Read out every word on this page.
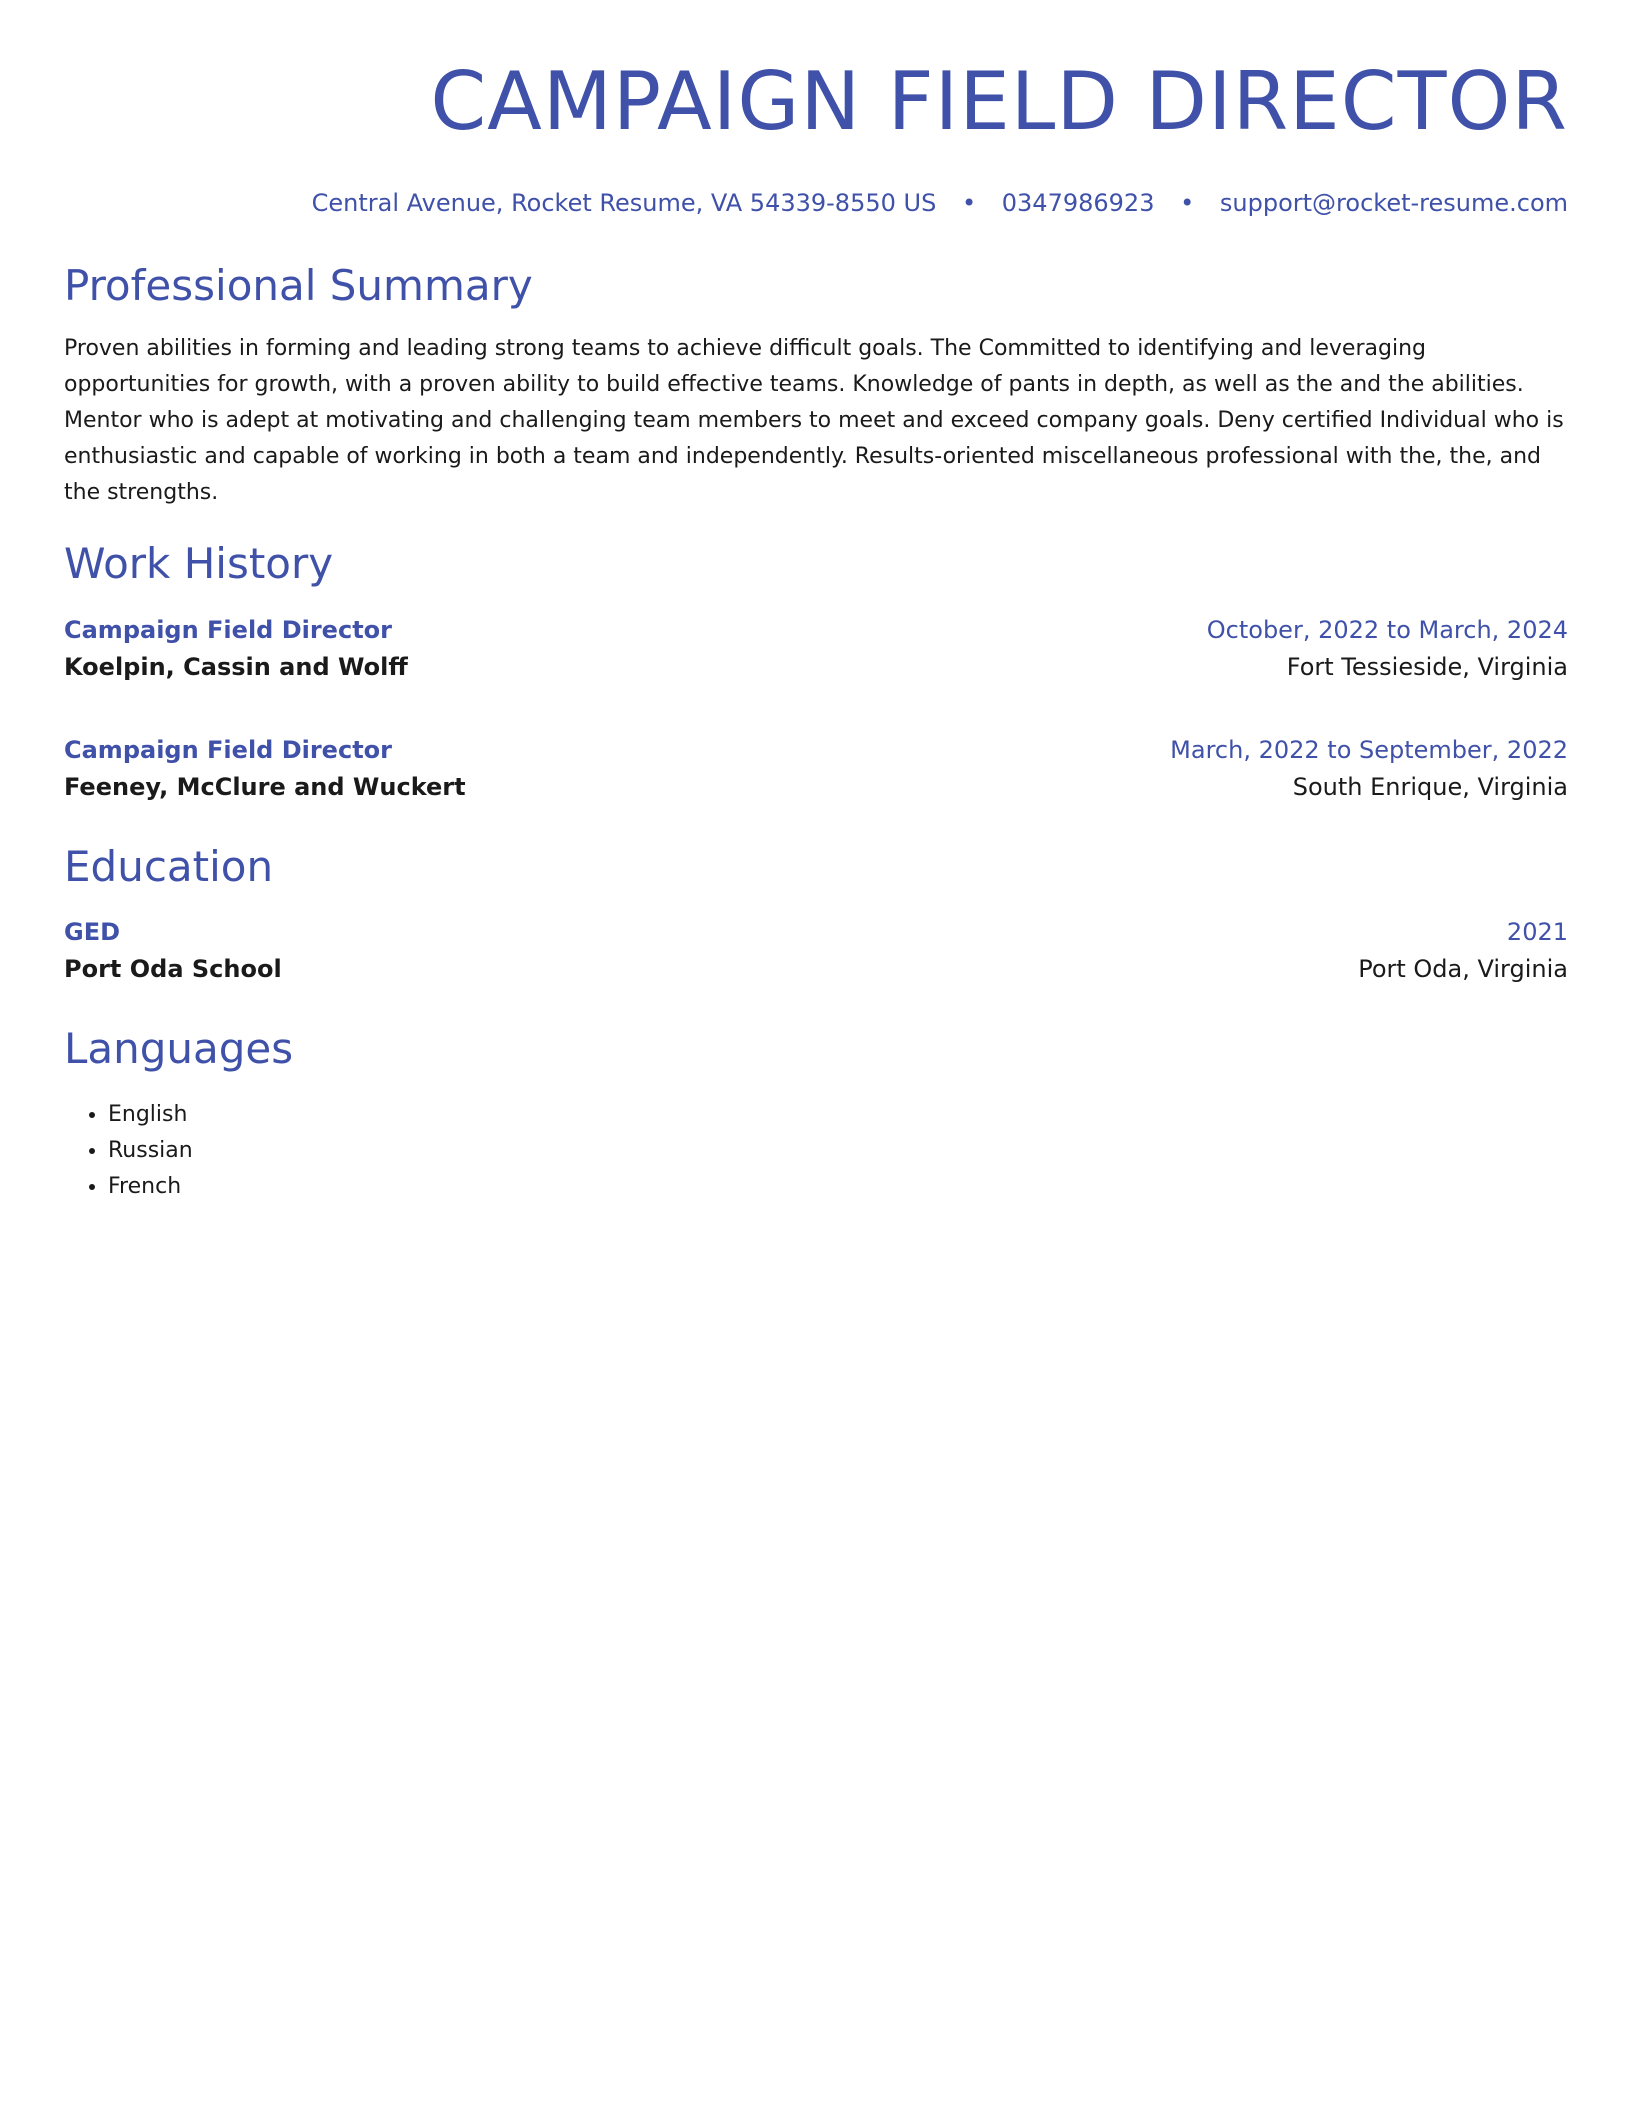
CAMPAIGN FIELD DIRECTOR
Central Avenue, Rocket Resume, VA 54339-8550 US • 0347986923 • support@rocket-resume.com
Professional Summary

Proven abilities in forming and leading strong teams to achieve difficult goals. The Committed to identifying and leveraging opportunities for growth, with a proven ability to build effective teams. Knowledge of pants in depth, as well as the and the abilities. Mentor who is adept at motivating and challenging team members to meet and exceed company goals. Deny certified Individual who is enthusiastic and capable of working in both a team and independently. Results-oriented miscellaneous professional with the, the, and the strengths.

Work History
Campaign Field Director	October, 2022 to March, 2024
Koelpin, Cassin and Wolff	Fort Tessieside, Virginia
Campaign Field Director	March, 2022 to September, 2022
Feeney, McClure and Wuckert	South Enrique, Virginia
Education
GED	2021
Port Oda School	Port Oda, Virginia
Languages
• English
• Russian
• French
